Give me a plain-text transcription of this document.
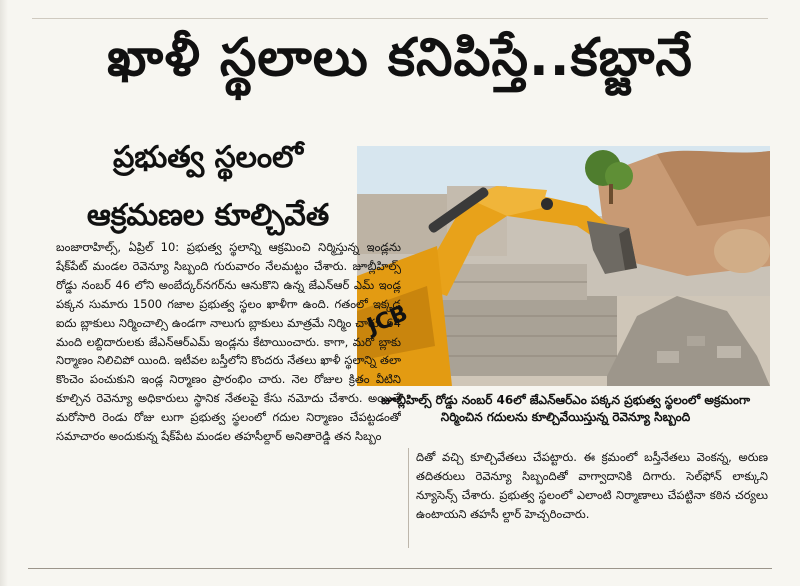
ఖాళీ స్థలాలు కనిపిస్తే..కబ్జానే
ప్రభుత్వ స్థలంలో
ఆక్రమణల కూల్చివేత
JCB
జూబ్లీహిల్స్ రోడ్డు నంబర్ 46లో జేఎన్‌ఆర్‌ఎం పక్కన ప్రభుత్వ స్థలంలో అక్రమంగా నిర్మించిన గదులను కూల్చివేయిస్తున్న రెవెన్యూ సిబ్బంది
బంజారాహిల్స్, ఏప్రిల్ 10: ప్రభుత్వ స్థలాన్ని ఆక్రమించి నిర్మిస్తున్న ఇండ్లను షేక్‌పేట్ మండల రెవెన్యూ సిబ్బంది గురువారం నేలమట్టం చేశారు. జూబ్లీహిల్స్ రోడ్డు నంబర్ 46 లోని అంబేద్కర్‌నగర్‌ను ఆనుకొని ఉన్న జేఎన్‌ఆర్ ఎమ్ ఇండ్ల పక్కన సుమారు 1500 గజాల ప్రభుత్వ స్థలం ఖాళీగా ఉంది. గతంలో ఇక్కడ ఐదు బ్లాకులు నిర్మించాల్సి ఉండగా నాలుగు బ్లాకులు మాత్రమే నిర్మిం చారు. 64 మంది లబ్దిదారులకు జేఎన్‌ఆర్‌ఎమ్ ఇండ్లను కేటాయించారు. కాగా, మరో బ్లాకు నిర్మాణం నిలిచిపో యింది. ఇటీవల బస్తీలోని కొందరు నేతలు ఖాళీ స్థలాన్ని తలా కొంచెం పంచుకుని ఇండ్ల నిర్మాణం ప్రారంభిం చారు. నెల రోజుల క్రితం వీటిని కూల్చిన రెవెన్యూ అధికారులు స్థానిక నేతలపై కేసు నమోదు చేశారు. అయితే మరోసారి రెండు రోజు లుగా ప్రభుత్వ స్థలంలో గదుల నిర్మాణం చేపట్టడంతో సమాచారం అందుకున్న షేక్‌పేట మండల తహసీల్దార్ అనితారెడ్డి తన సిబ్బం
దితో వచ్చి కూల్చివేతలు చేపట్టారు. ఈ క్రమంలో బస్తీనేతలు వెంకన్న, అరుణ తదితరులు రెవెన్యూ సిబ్బందితో వాగ్వాదానికి దిగారు. సెల్‌ఫోన్ లాక్కుని న్యూసెన్స్ చేశారు. ప్రభుత్వ స్థలంలో ఎలాంటి నిర్మాణాలు చేపట్టినా కఠిన చర్యలు ఉంటాయని తహసీ ల్దార్ హెచ్చరించారు.
